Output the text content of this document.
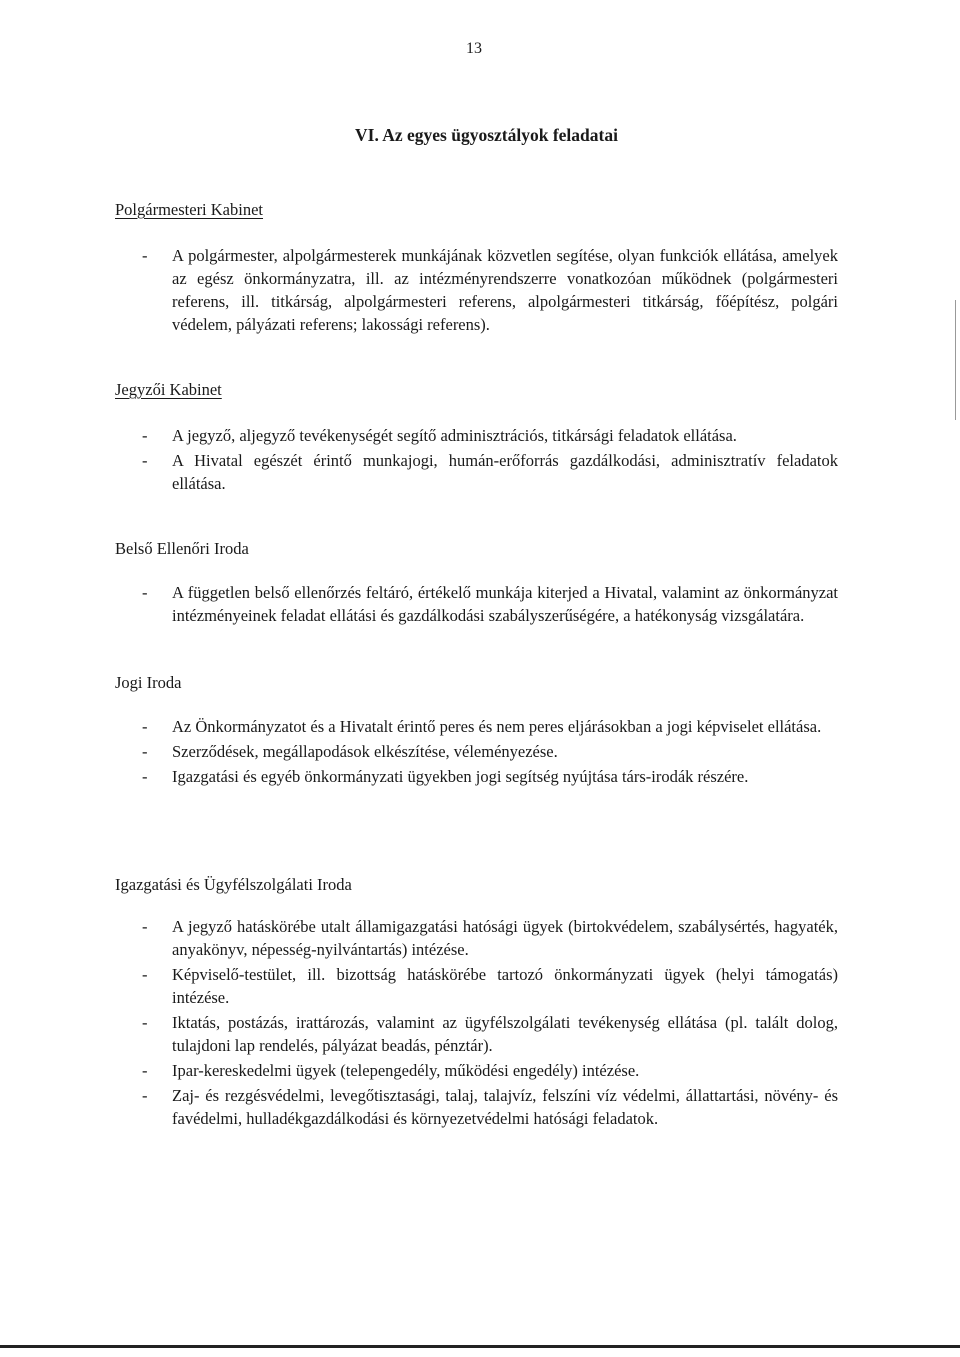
13
VI. Az egyes ügyosztályok feladatai
Polgármesteri Kabinet
- A polgármester, alpolgármesterek munkájának közvetlen segítése, olyan funkciók ellátása, amelyek az egész önkormányzatra, ill. az intézményrendszerre vonatkozóan működnek (polgármesteri referens, ill. titkárság, alpolgármesteri referens, alpolgármesteri titkárság, főépítész, polgári védelem, pályázati referens; lakossági referens).
Jegyzői Kabinet
- A jegyző, aljegyző tevékenységét segítő adminisztrációs, titkársági feladatok ellátása.
- A Hivatal egészét érintő munkajogi, humán-erőforrás gazdálkodási, adminisztratív feladatok ellátása.
Belső Ellenőri Iroda
- A független belső ellenőrzés feltáró, értékelő munkája kiterjed a Hivatal, valamint az önkormányzat intézményeinek feladat ellátási és gazdálkodási szabályszerűségére, a hatékonyság vizsgálatára.
Jogi Iroda
- Az Önkormányzatot és a Hivatalt érintő peres és nem peres eljárásokban a jogi képviselet ellátása.
- Szerződések, megállapodások elkészítése, véleményezése.
- Igazgatási és egyéb önkormányzati ügyekben jogi segítség nyújtása társ-irodák részére.
Igazgatási és Ügyfélszolgálati Iroda
- A jegyző hatáskörébe utalt államigazgatási hatósági ügyek (birtokvédelem, szabálysértés, hagyaték, anyakönyv, népesség-nyilvántartás) intézése.
- Képviselő-testület, ill. bizottság hatáskörébe tartozó önkormányzati ügyek (helyi támogatás) intézése.
- Iktatás, postázás, irattározás, valamint az ügyfélszolgálati tevékenység ellátása (pl. talált dolog, tulajdoni lap rendelés, pályázat beadás, pénztár).
- Ipar-kereskedelmi ügyek (telepengedély, működési engedély) intézése.
- Zaj- és rezgésvédelmi, levegőtisztasági, talaj, talajvíz, felszíni víz védelmi, állattartási, növény- és favédelmi, hulladékgazdálkodási és környezetvédelmi hatósági feladatok.
